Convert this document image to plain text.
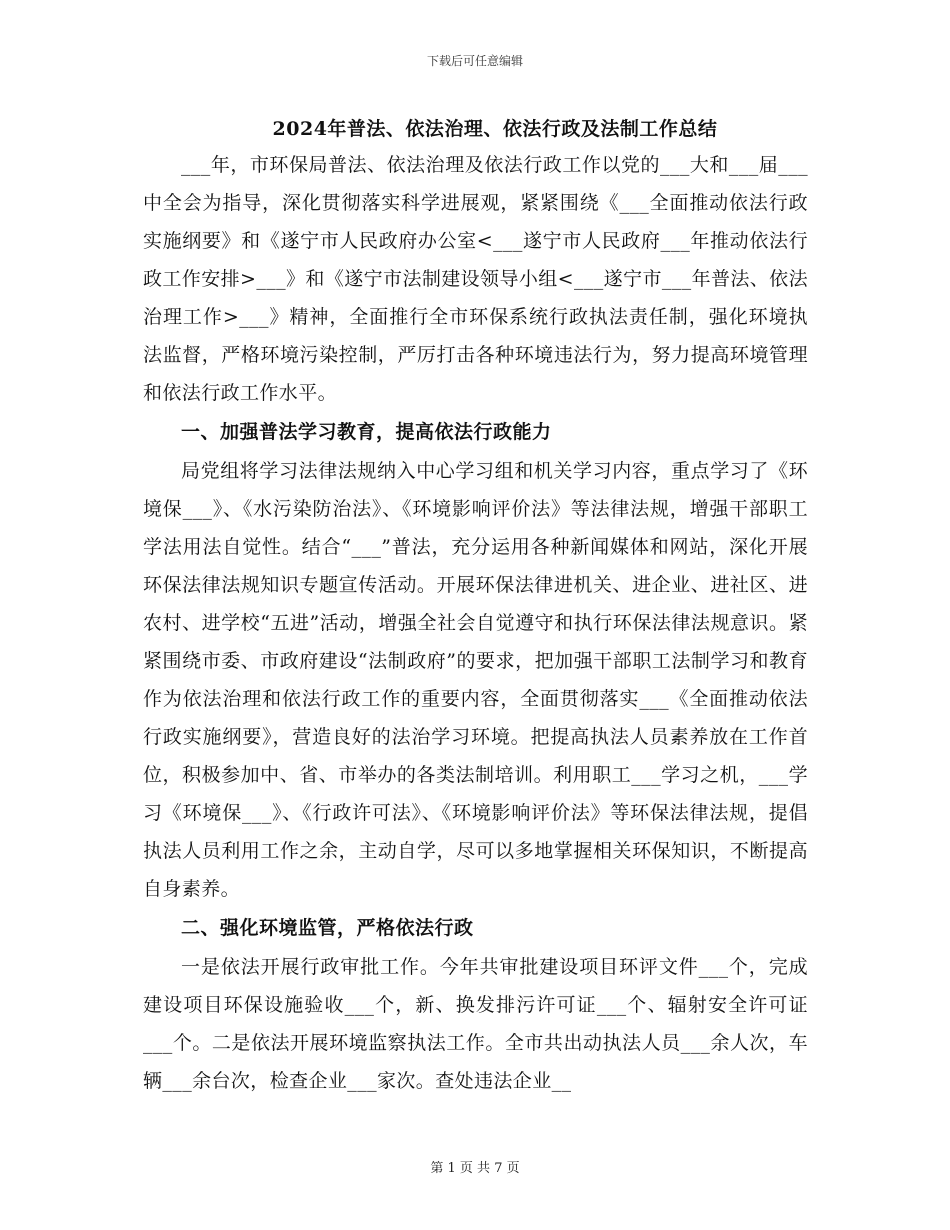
下载后可任意编辑
2024年普法、依法治理、依法行政及法制工作总结

___年，市环保局普法、依法治理及依法行政工作以党的___大和___届___中全会为指导，深化贯彻落实科学进展观，紧紧围绕《___全面推动依法行政实施纲要》和《遂宁市人民政府办公室<___遂宁市人民政府___年推动依法行政工作安排>___》和《遂宁市法制建设领导小组<___遂宁市___年普法、依法治理工作>___》精神，全面推行全市环保系统行政执法责任制，强化环境执法监督，严格环境污染控制，严厉打击各种环境违法行为，努力提高环境管理和依法行政工作水平。

一、加强普法学习教育，提高依法行政能力

局党组将学习法律法规纳入中心学习组和机关学习内容，重点学习了《环境保___》、《水污染防治法》、《环境影响评价法》等法律法规，增强干部职工学法用法自觉性。结合“___”普法，充分运用各种新闻媒体和网站，深化开展环保法律法规知识专题宣传活动。开展环保法律进机关、进企业、进社区、进农村、进学校“五进”活动，增强全社会自觉遵守和执行环保法律法规意识。紧紧围绕市委、市政府建设“法制政府”的要求，把加强干部职工法制学习和教育作为依法治理和依法行政工作的重要内容，全面贯彻落实___《全面推动依法行政实施纲要》，营造良好的法治学习环境。把提高执法人员素养放在工作首位，积极参加中、省、市举办的各类法制培训。利用职工___学习之机，___学习《环境保___》、《行政许可法》、《环境影响评价法》等环保法律法规，提倡执法人员利用工作之余，主动自学，尽可以多地掌握相关环保知识，不断提高自身素养。

二、强化环境监管，严格依法行政

一是依法开展行政审批工作。今年共审批建设项目环评文件___个，完成建设项目环保设施验收___个，新、换发排污许可证___个、辐射安全许可证___个。二是依法开展环境监察执法工作。全市共出动执法人员___余人次，车辆___余台次，检查企业___家次。查处违法企业__

第 1 页 共 7 页
